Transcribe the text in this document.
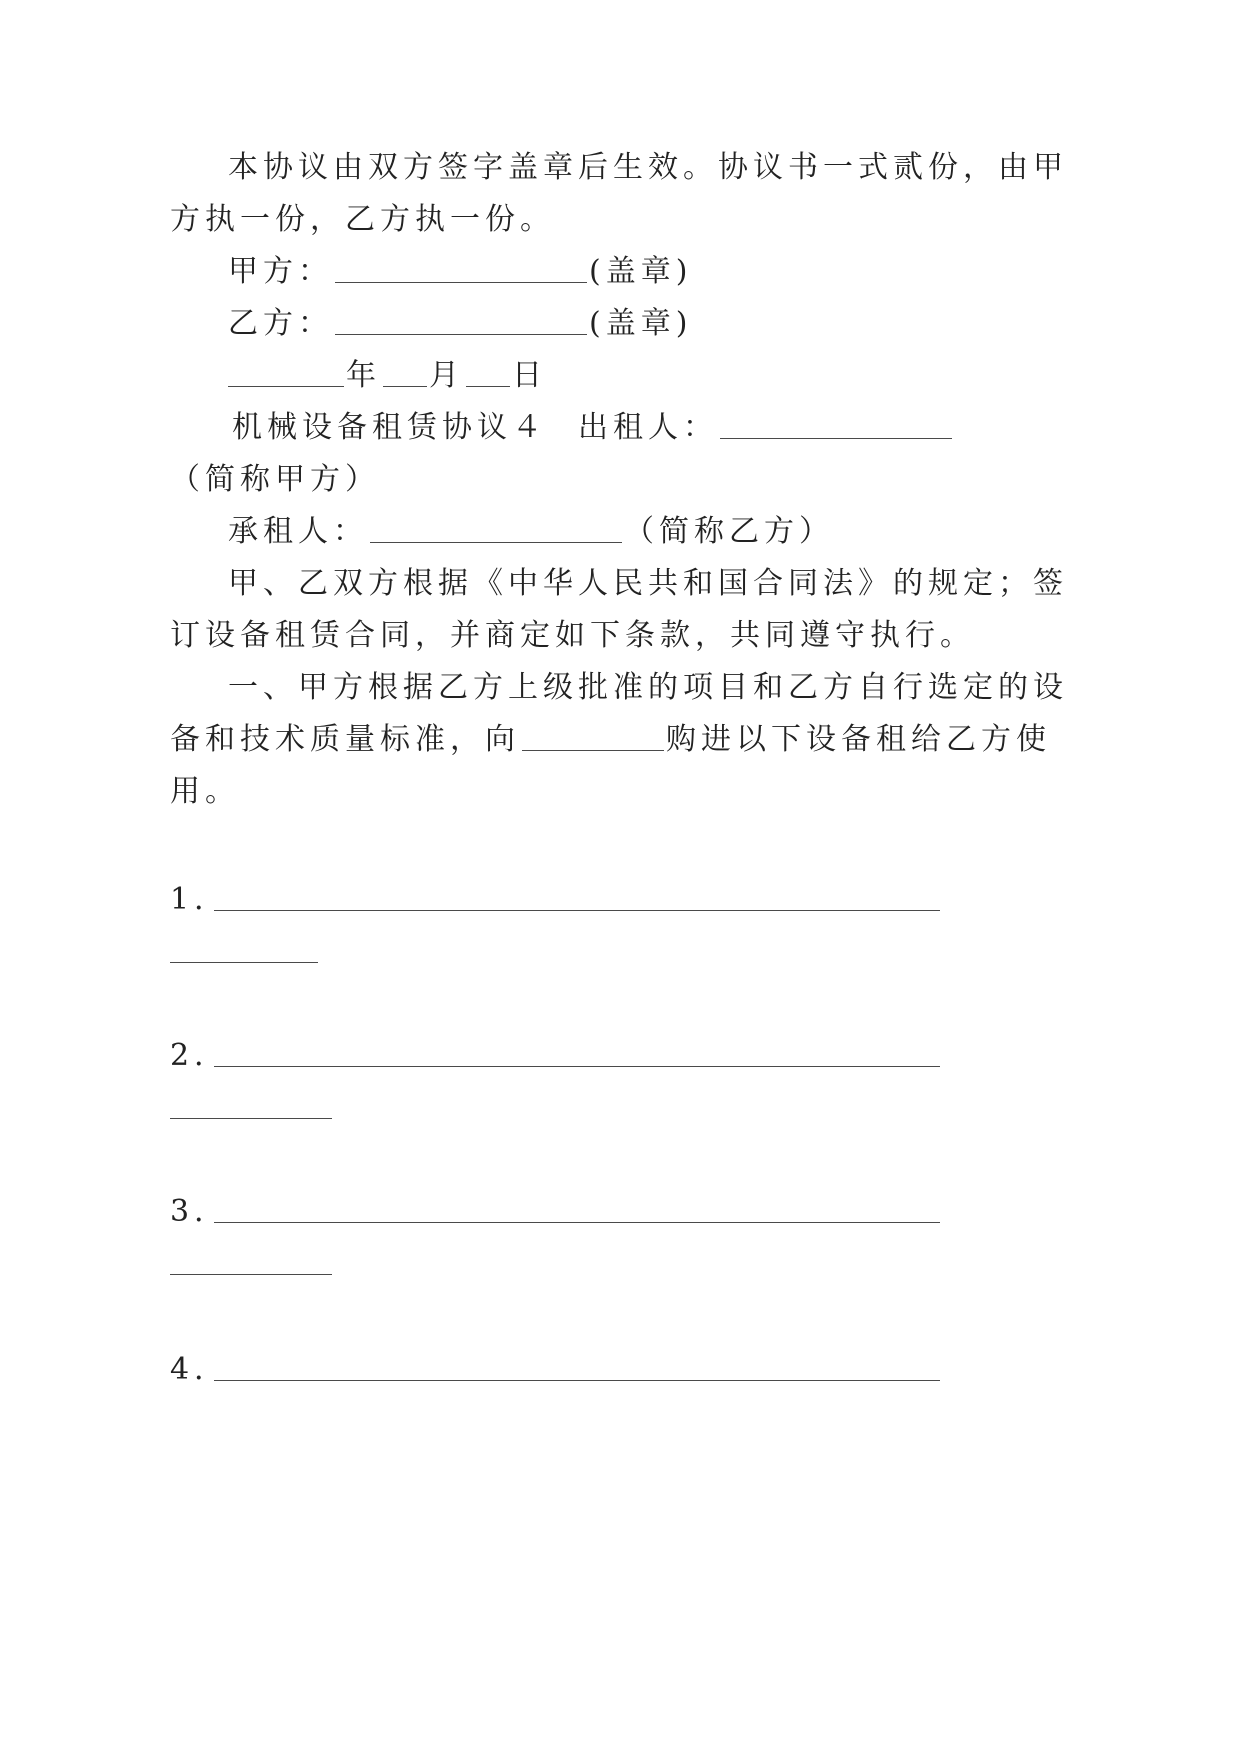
本协议由双方签字盖章后生效。协议书一式贰份，由甲
方执一份，乙方执一份。
甲方：	(盖章)
乙方：	(盖章)
年 月 日
机械设备租赁协议４ 出租人：
（简称甲方）
承租人：	（简称乙方）
甲、乙双方根据《中华人民共和国合同法》的规定；签
订设备租赁合同，并商定如下条款，共同遵守执行。
一、甲方根据乙方上级批准的项目和乙方自行选定的设
备和技术质量标准，向	购进以下设备租给乙方使
用。
1．
2．
3．
4．
